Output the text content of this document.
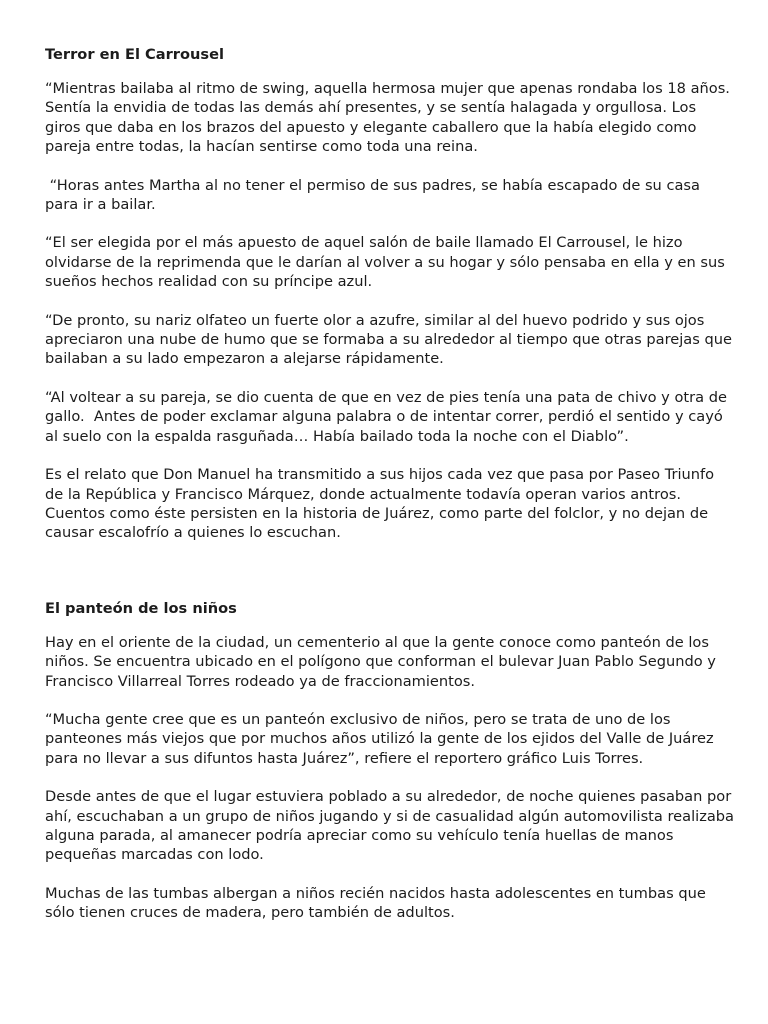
Terror en El Carrousel

“Mientras bailaba al ritmo de swing, aquella hermosa mujer que apenas rondaba los 18 años. Sentía la envidia de todas las demás ahí presentes, y se sentía halagada y orgullosa. Los giros que daba en los brazos del apuesto y elegante caballero que la había elegido como pareja entre todas, la hacían sentirse como toda una reina.

“Horas antes Martha al no tener el permiso de sus padres, se había escapado de su casa para ir a bailar.

“El ser elegida por el más apuesto de aquel salón de baile llamado El Carrousel, le hizo olvidarse de la reprimenda que le darían al volver a su hogar y sólo pensaba en ella y en sus sueños hechos realidad con su príncipe azul.

“De pronto, su nariz olfateo un fuerte olor a azufre, similar al del huevo podrido y sus ojos apreciaron una nube de humo que se formaba a su alrededor al tiempo que otras parejas que bailaban a su lado empezaron a alejarse rápidamente.

“Al voltear a su pareja, se dio cuenta de que en vez de pies tenía una pata de chivo y otra de gallo.  Antes de poder exclamar alguna palabra o de intentar correr, perdió el sentido y cayó al suelo con la espalda rasguñada… Había bailado toda la noche con el Diablo”.

Es el relato que Don Manuel ha transmitido a sus hijos cada vez que pasa por Paseo Triunfo de la República y Francisco Márquez, donde actualmente todavía operan varios antros. Cuentos como éste persisten en la historia de Juárez, como parte del folclor, y no dejan de causar escalofrío a quienes lo escuchan.

El panteón de los niños

Hay en el oriente de la ciudad, un cementerio al que la gente conoce como panteón de los niños. Se encuentra ubicado en el polígono que conforman el bulevar Juan Pablo Segundo y Francisco Villarreal Torres rodeado ya de fraccionamientos.

“Mucha gente cree que es un panteón exclusivo de niños, pero se trata de uno de los panteones más viejos que por muchos años utilizó la gente de los ejidos del Valle de Juárez para no llevar a sus difuntos hasta Juárez”, refiere el reportero gráfico Luis Torres.

Desde antes de que el lugar estuviera poblado a su alrededor, de noche quienes pasaban por ahí, escuchaban a un grupo de niños jugando y si de casualidad algún automovilista realizaba alguna parada, al amanecer podría apreciar como su vehículo tenía huellas de manos pequeñas marcadas con lodo.

Muchas de las tumbas albergan a niños recién nacidos hasta adolescentes en tumbas que sólo tienen cruces de madera, pero también de adultos.
